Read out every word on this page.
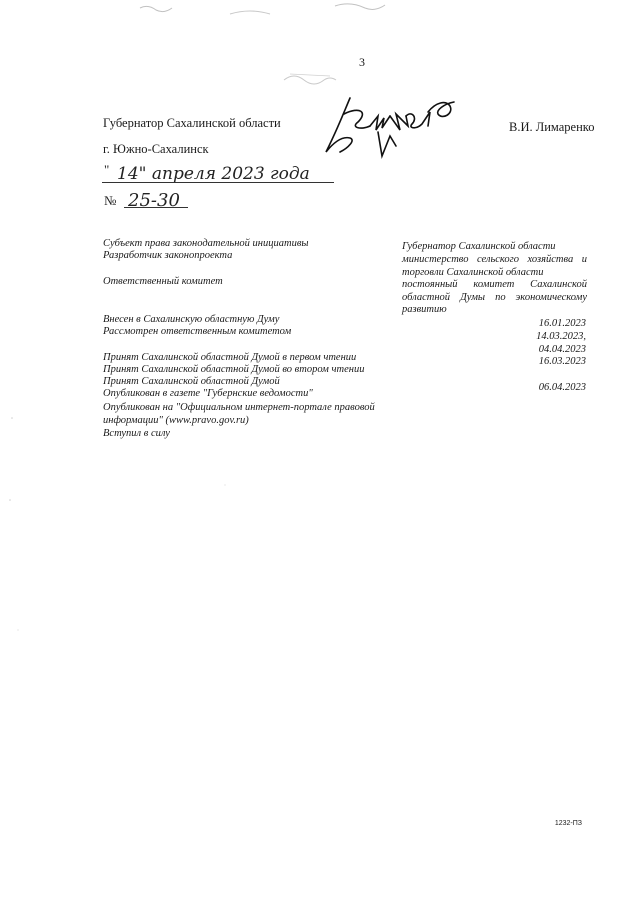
3
Губернатор Сахалинской области	В.И. Лимаренко
г. Южно-Сахалинск
" 14" апреля 2023 года
№ 25-30
Субъект права законодательной инициативы
Разработчик законопроекта
Ответственный комитет
Губернатор Сахалинской области
министерство сельского хозяйства и торговли Сахалинской области
постоянный комитет Сахалинской областной Думы по экономическому развитию
Внесен в Сахалинскую областную Думу
Рассмотрен ответственным комитетом
Принят Сахалинской областной Думой в первом чтении
Принят Сахалинской областной Думой во втором чтении
Принят Сахалинской областной Думой
Опубликован в газете "Губернские ведомости"
Опубликован на "Официальном интернет-портале правовой информации" (www.pravo.gov.ru)
Вступил в силу
16.01.2023
14.03.2023,
04.04.2023
16.03.2023
06.04.2023
1232-ПЗ
